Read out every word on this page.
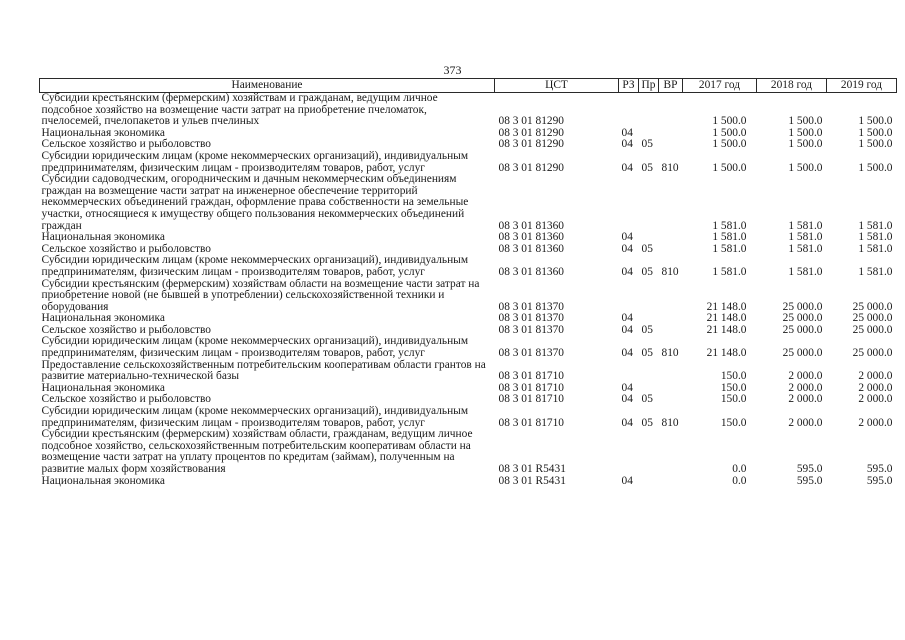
373
Наименование	ЦСТ	РЗ	Пр	ВР	2017 год	2018 год	2019 год
Субсидии крестьянским (фермерским) хозяйствам и гражданам, ведущим личное подсобное хозяйство на возмещение части затрат на приобретение пчеломаток, пчелосемей, пчелопакетов и ульев пчелиных	08 3 01 81290				1 500.0	1 500.0	1 500.0
Национальная экономика	08 3 01 81290	04			1 500.0	1 500.0	1 500.0
Сельское хозяйство и рыболовство	08 3 01 81290	04	05		1 500.0	1 500.0	1 500.0
Субсидии юридическим лицам (кроме некоммерческих организаций), индивидуальным предпринимателям, физическим лицам - производителям товаров, работ, услуг	08 3 01 81290	04	05	810	1 500.0	1 500.0	1 500.0
Субсидии садоводческим, огородническим и дачным некоммерческим объединениям граждан на возмещение части затрат на инженерное обеспечение территорий некоммерческих объединений граждан, оформление права собственности на земельные участки, относящиеся к имуществу общего пользования некоммерческих объединений граждан	08 3 01 81360				1 581.0	1 581.0	1 581.0
Национальная экономика	08 3 01 81360	04			1 581.0	1 581.0	1 581.0
Сельское хозяйство и рыболовство	08 3 01 81360	04	05		1 581.0	1 581.0	1 581.0
Субсидии юридическим лицам (кроме некоммерческих организаций), индивидуальным предпринимателям, физическим лицам - производителям товаров, работ, услуг	08 3 01 81360	04	05	810	1 581.0	1 581.0	1 581.0
Субсидии крестьянским (фермерским) хозяйствам области на возмещение части затрат на приобретение новой (не бывшей в употреблении) сельскохозяйственной техники и оборудования	08 3 01 81370				21 148.0	25 000.0	25 000.0
Национальная экономика	08 3 01 81370	04			21 148.0	25 000.0	25 000.0
Сельское хозяйство и рыболовство	08 3 01 81370	04	05		21 148.0	25 000.0	25 000.0
Субсидии юридическим лицам (кроме некоммерческих организаций), индивидуальным предпринимателям, физическим лицам - производителям товаров, работ, услуг	08 3 01 81370	04	05	810	21 148.0	25 000.0	25 000.0
Предоставление сельскохозяйственным потребительским кооперативам области грантов на развитие материально-технической базы	08 3 01 81710				150.0	2 000.0	2 000.0
Национальная экономика	08 3 01 81710	04			150.0	2 000.0	2 000.0
Сельское хозяйство и рыболовство	08 3 01 81710	04	05		150.0	2 000.0	2 000.0
Субсидии юридическим лицам (кроме некоммерческих организаций), индивидуальным предпринимателям, физическим лицам - производителям товаров, работ, услуг	08 3 01 81710	04	05	810	150.0	2 000.0	2 000.0
Субсидии крестьянским (фермерским) хозяйствам области, гражданам, ведущим личное подсобное хозяйство, сельскохозяйственным потребительским кооперативам области на возмещение части затрат на уплату процентов по кредитам (займам), полученным на развитие малых форм хозяйствования	08 3 01 R5431				0.0	595.0	595.0
Национальная экономика	08 3 01 R5431	04			0.0	595.0	595.0
